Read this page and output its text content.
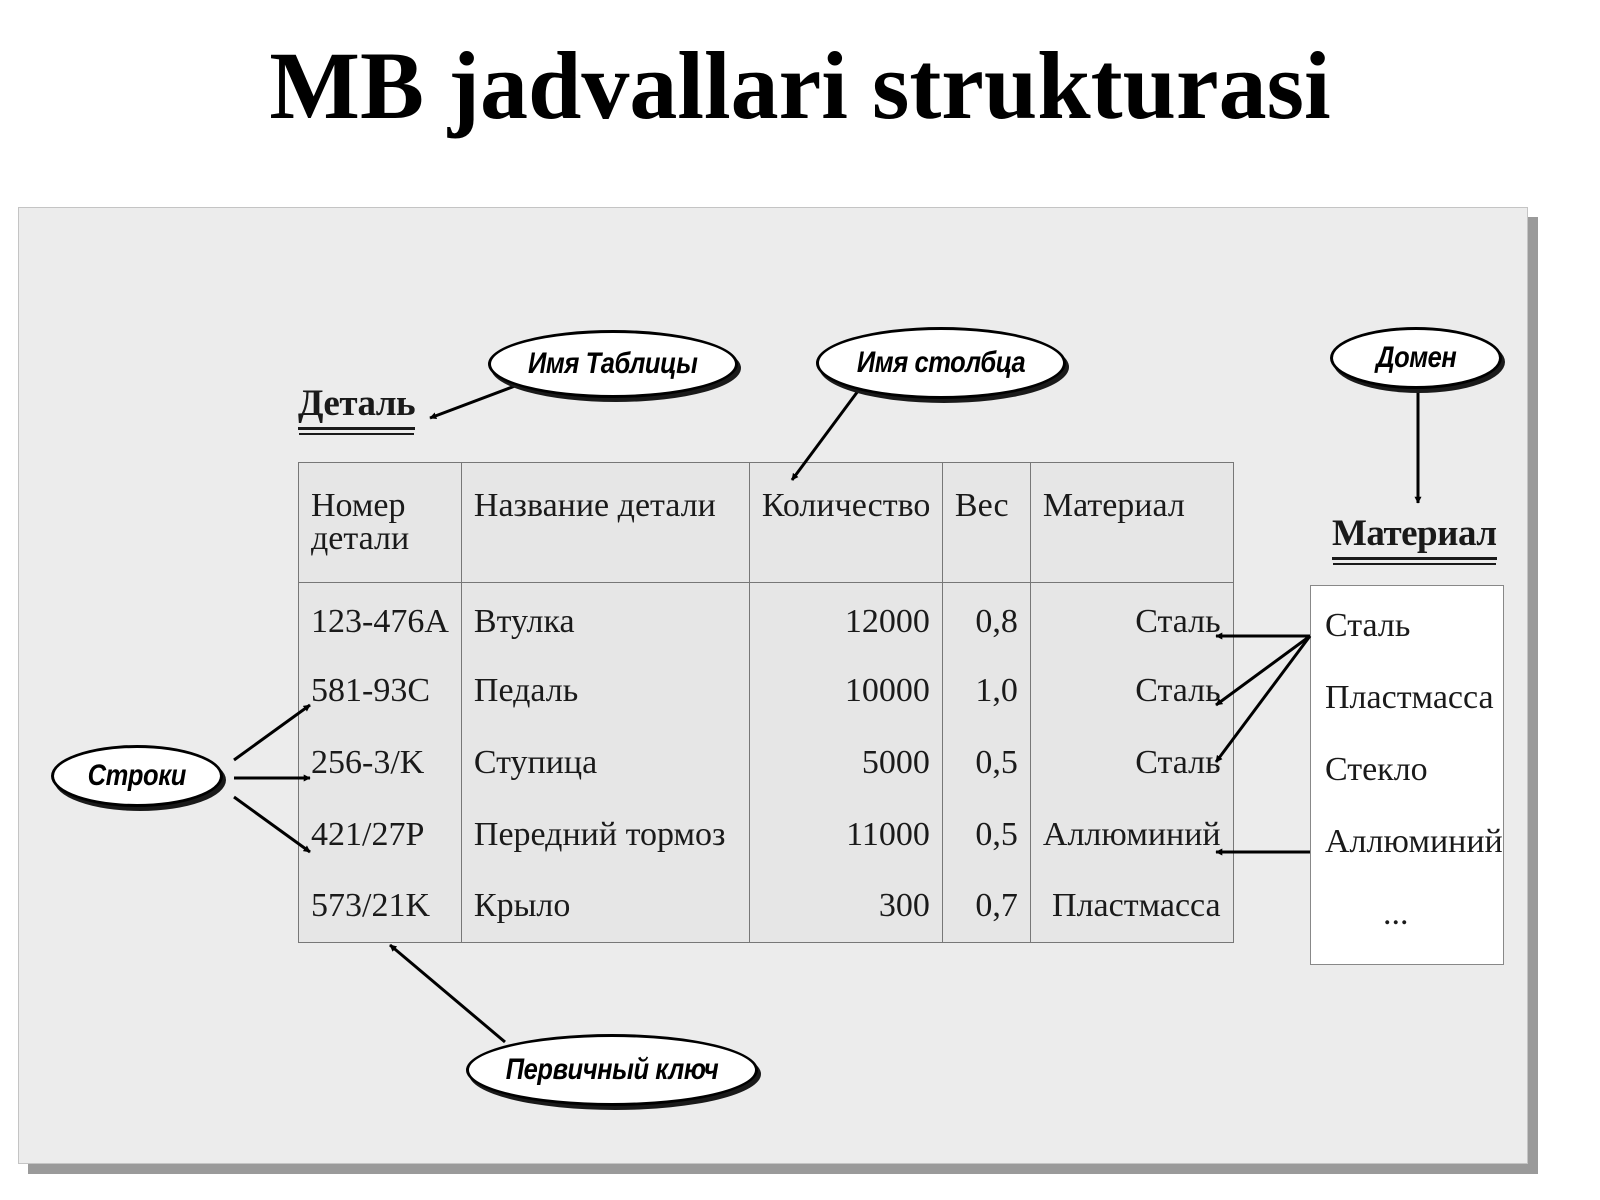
MB jadvallari strukturasi
Деталь
Номер детали	Название детали	Количество	Вес	Материал
123-476A	Втулка	12000	0,8	Сталь
581-93C	Педаль	10000	1,0	Сталь
256-3/K	Ступица	5000	0,5	Сталь
421/27P	Передний тормоз	11000	0,5	Аллюминий
573/21K	Крыло	300	0,7	Пластмасса
Материал
Сталь
Пластмасса
Стекло
Аллюминий
...
Имя Таблицы	Имя столбца	Домен
Строки
Первичный ключ
